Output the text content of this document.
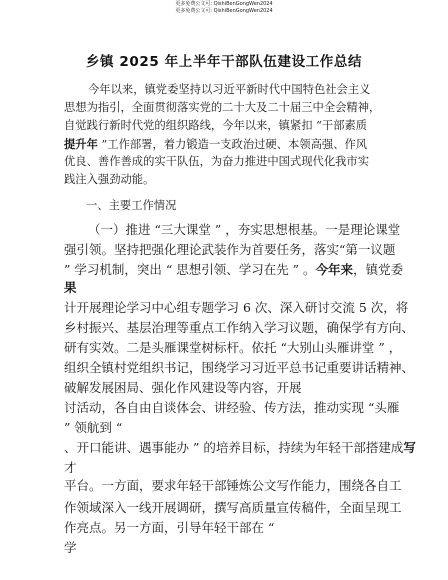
更多免费公文可: QishiBenGongWen2024
更多免费公文可: QishiBenGongWen2024
乡镇 2025 年上半年干部队伍建设工作总结
今年以来，镇党委坚持以习近平新时代中国特色社会主义
思想为指引，全面贯彻落实党的二十大及二十届三中全会精神，
自觉践行新时代党的组织路线，今年以来，镇紧扣 “干部素质
提升年 ”工作部署，着力锻造一支政治过硬、本领高强、作风
优良、善作善成的实干队伍，为奋力推进中国式现代化我市实
践注入强劲动能。
一、主要工作情况
（一）推进 “三大课堂 ” ，夯实思想根基。一是理论课堂
强引领。坚持把强化理论武装作为首要任务，落实“第一议题
” 学习机制，突出 “ 思想引领、学习在先 ” 。今年来，镇党委
果
计开展理论学习中心组专题学习 6 次、深入研讨交流 5 次，将
乡村振兴、基层治理等重点工作纳入学习议题，确保学有方向、
研有实效。二是头雁课堂树标杆。依托 “大别山头雁讲堂 ” ，
组织全镇村党组织书记，围绕学习习近平总书记重要讲话精神、
破解发展困局、强化作风建设等内容，开展
讨活动，各自由自谈体会、讲经验、传方法，推动实现 “头雁
” 领航到 “
、开口能讲、遇事能办 ” 的培养目标，持续为年轻干部搭建成写
才
平台。一方面，要求年轻干部锤炼公文写作能力，围绕各自工
作领域深入一线开展调研，撰写高质量宣传稿件，全面呈现工
作亮点。另一方面，引导年轻干部在 “
学
